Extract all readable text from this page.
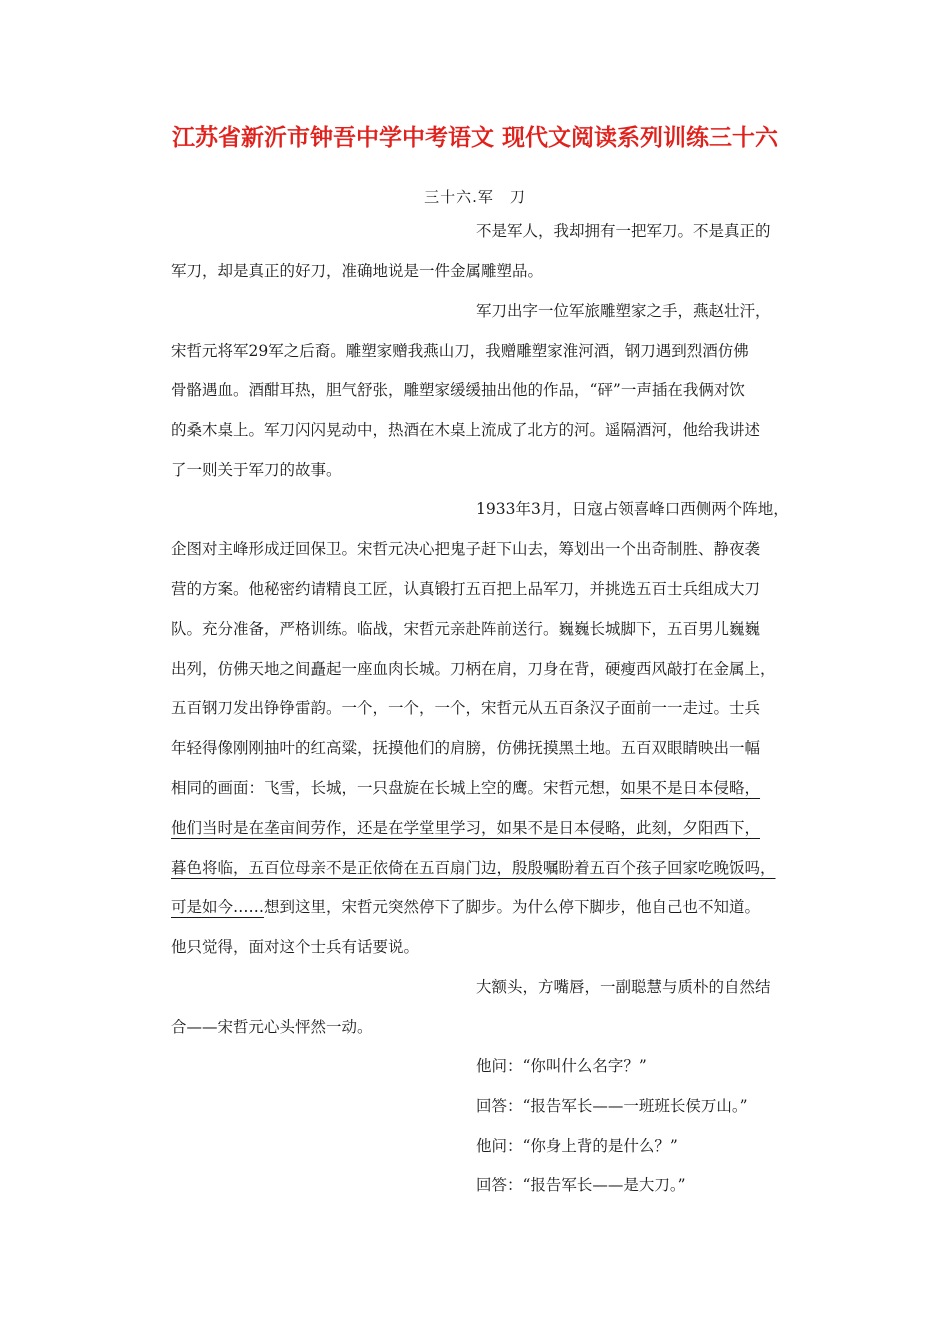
江苏省新沂市钟吾中学中考语文 现代文阅读系列训练三十六
三十六.军　刀
不是军人，我却拥有一把军刀。不是真正的
军刀，却是真正的好刀，准确地说是一件金属雕塑品。
军刀出字一位军旅雕塑家之手，燕赵壮汗，
宋哲元将军29军之后裔。雕塑家赠我燕山刀，我赠雕塑家淮河酒，钢刀遇到烈酒仿佛
骨骼遇血。酒酣耳热，胆气舒张，雕塑家缓缓抽出他的作品，“砰”一声插在我俩对饮
的桑木桌上。军刀闪闪晃动中，热酒在木桌上流成了北方的河。遥隔酒河，他给我讲述
了一则关于军刀的故事。
1933年3月，日寇占领喜峰口西侧两个阵地，
企图对主峰形成迂回保卫。宋哲元决心把鬼子赶下山去，筹划出一个出奇制胜、静夜袭
营的方案。他秘密约请精良工匠，认真锻打五百把上品军刀，并挑选五百士兵组成大刀
队。充分准备，严格训练。临战，宋哲元亲赴阵前送行。巍巍长城脚下，五百男儿巍巍
出列，仿佛天地之间矗起一座血肉长城。刀柄在肩，刀身在背，硬瘦西风敲打在金属上，
五百钢刀发出铮铮雷韵。一个，一个，一个，宋哲元从五百条汉子面前一一走过。士兵
年轻得像刚刚抽叶的红高粱，抚摸他们的肩膀，仿佛抚摸黑土地。五百双眼睛映出一幅
相同的画面：飞雪，长城，一只盘旋在长城上空的鹰。宋哲元想，如果不是日本侵略，
他们当时是在垄亩间劳作，还是在学堂里学习，如果不是日本侵略，此刻，夕阳西下，
暮色将临，五百位母亲不是正依倚在五百扇门边，殷殷嘱盼着五百个孩子回家吃晚饭吗，
可是如今……想到这里，宋哲元突然停下了脚步。为什么停下脚步，他自己也不知道。
他只觉得，面对这个士兵有话要说。
大额头，方嘴唇，一副聪慧与质朴的自然结
合——宋哲元心头怦然一动。
他问：“你叫什么名字？”
回答：“报告军长——一班班长侯万山。”
他问：“你身上背的是什么？”
回答：“报告军长——是大刀。”
